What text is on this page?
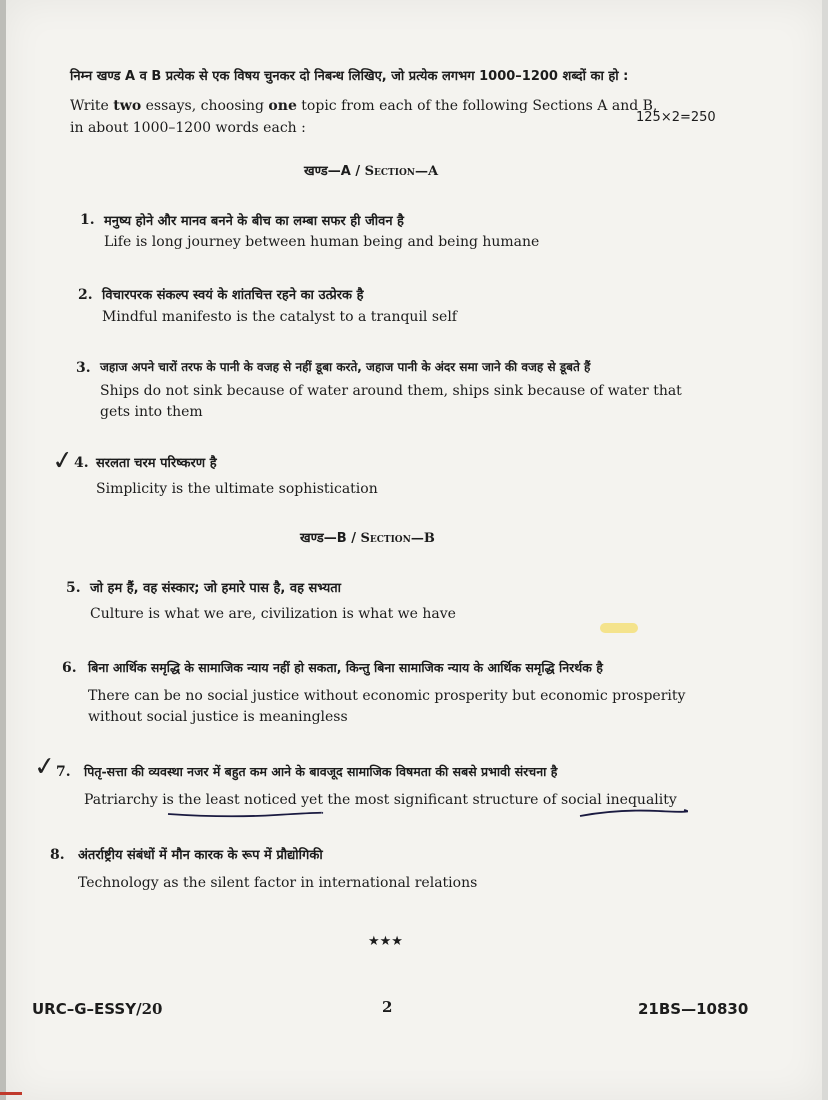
निम्न खण्ड A व B प्रत्येक से एक विषय चुनकर दो निबन्ध लिखिए, जो प्रत्येक लगभग 1000–1200 शब्दों का हो :
Write two essays, choosing one topic from each of the following Sections A and B,
in about 1000–1200 words each :
125×2=250
खण्ड—A / Section—A
1. मनुष्य होने और मानव बनने के बीच का लम्बा सफर ही जीवन है
Life is long journey between human being and being humane
2. विचारपरक संकल्प स्वयं के शांतचित्त रहने का उत्प्रेरक है
Mindful manifesto is the catalyst to a tranquil self
3. जहाज अपने चारों तरफ के पानी के वजह से नहीं डूबा करते, जहाज पानी के अंदर समा जाने की वजह से डूबते हैं
Ships do not sink because of water around them, ships sink because of water that
gets into them
✓
4. सरलता चरम परिष्करण है
Simplicity is the ultimate sophistication
खण्ड—B / Section—B
5. जो हम हैं, वह संस्कार; जो हमारे पास है, वह सभ्यता
Culture is what we are, civilization is what we have
6. बिना आर्थिक समृद्धि के सामाजिक न्याय नहीं हो सकता, किन्तु बिना सामाजिक न्याय के आर्थिक समृद्धि निरर्थक है
There can be no social justice without economic prosperity but economic prosperity
without social justice is meaningless
✓
7. पितृ-सत्ता की व्यवस्था नजर में बहुत कम आने के बावजूद सामाजिक विषमता की सबसे प्रभावी संरचना है
Patriarchy is the least noticed yet the most significant structure of social inequality
8. अंतर्राष्ट्रीय संबंधों में मौन कारक के रूप में प्रौद्योगिकी
Technology as the silent factor in international relations
★★★
URC–G–ESSY/20	2	21BS—10830
